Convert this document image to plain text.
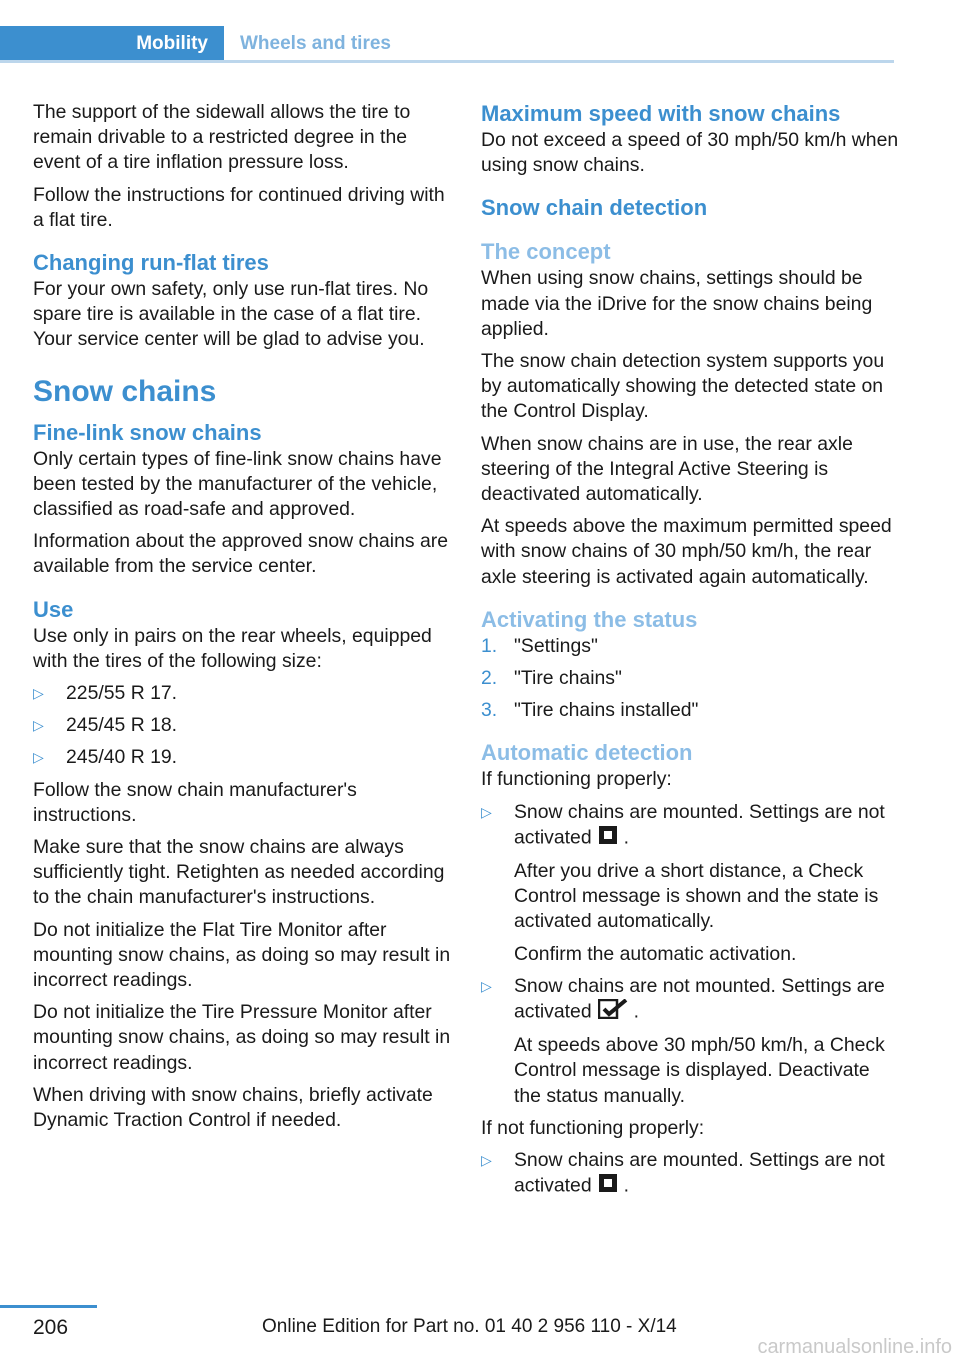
Mobility	Wheels and tires

The support of the sidewall allows the tire to remain drivable to a restricted degree in the event of a tire inflation pressure loss.

Follow the instructions for continued driving with a flat tire.

Changing run-flat tires

For your own safety, only use run-flat tires. No spare tire is available in the case of a flat tire. Your service center will be glad to advise you.

Snow chains
Fine-link snow chains

Only certain types of fine-link snow chains have been tested by the manufacturer of the vehicle, classified as road-safe and approved.

Information about the approved snow chains are available from the service center.

Use

Use only in pairs on the rear wheels, equipped with the tires of the following size:

▷ 225/55 R 17.
▷ 245/45 R 18.
▷ 245/40 R 19.

Follow the snow chain manufacturer's instructions.

Make sure that the snow chains are always sufficiently tight. Retighten as needed according to the chain manufacturer's instructions.

Do not initialize the Flat Tire Monitor after mounting snow chains, as doing so may result in incorrect readings.

Do not initialize the Tire Pressure Monitor after mounting snow chains, as doing so may result in incorrect readings.

When driving with snow chains, briefly activate Dynamic Traction Control if needed.

Maximum speed with snow chains

Do not exceed a speed of 30 mph/50 km/h when using snow chains.

Snow chain detection
The concept

When using snow chains, settings should be made via the iDrive for the snow chains being applied.

The snow chain detection system supports you by automatically showing the detected state on the Control Display.

When snow chains are in use, the rear axle steering of the Integral Active Steering is deactivated automatically.

At speeds above the maximum permitted speed with snow chains of 30 mph/50 km/h, the rear axle steering is activated again automatically.

Activating the status
1. "Settings"
2. "Tire chains"
3. "Tire chains installed"
Automatic detection

If functioning properly:

▷ Snow chains are mounted. Settings are not activated .
After you drive a short distance, a Check Control message is shown and the state is activated automatically.
Confirm the automatic activation.
▷ Snow chains are not mounted. Settings are activated .
At speeds above 30 mph/50 km/h, a Check Control message is displayed. Deactivate the status manually.

If not functioning properly:

▷ Snow chains are mounted. Settings are not activated .
206	Online Edition for Part no. 01 40 2 956 110 - X/14
carmanualsonline.info
